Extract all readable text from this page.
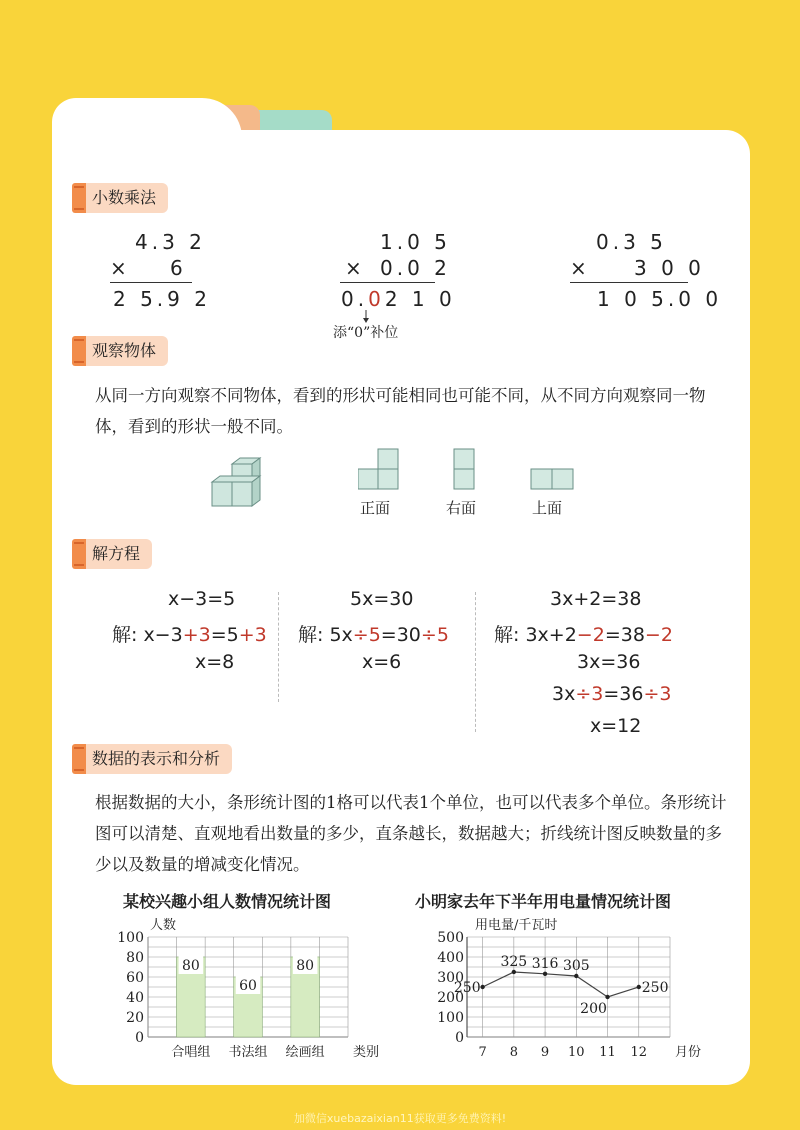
小数乘法
4.3 2
× 6
2 5.9 2
1.0 5
× 0.0 2
0.02 1 0
添“0”补位
0.3 5
× 3 0 0
1 0 5.0 0
观察物体
从同一方向观察不同物体，看到的形状可能相同也可能不同，从不同方向观察同一物体，看到的形状一般不同。
正面	右面	上面
解方程
x−3=5
解: x−3+3=5+3
x=8
5x=30
解: 5x÷5=30÷5
x=6
3x+2=38
解: 3x+2−2=38−2
3x=36
3x÷3=36÷3
x=12
数据的表示和分析
根据数据的大小，条形统计图的1格可以代表1个单位，也可以代表多个单位。条形统计图可以清楚、直观地看出数量的多少，直条越长，数据越大；折线统计图反映数量的多少以及数量的增减变化情况。
某校兴趣小组人数情况统计图	小明家去年下半年用电量情况统计图
0
20
40
60
80
100
人数
80
合唱组
60
书法组
80
绘画组 类别
0
100
200
300
400
500
用电量/千瓦时
250
7
325
8
316
9
305
10
200
11
250
12 月份
加微信xuebazaixian11获取更多免费资料!
